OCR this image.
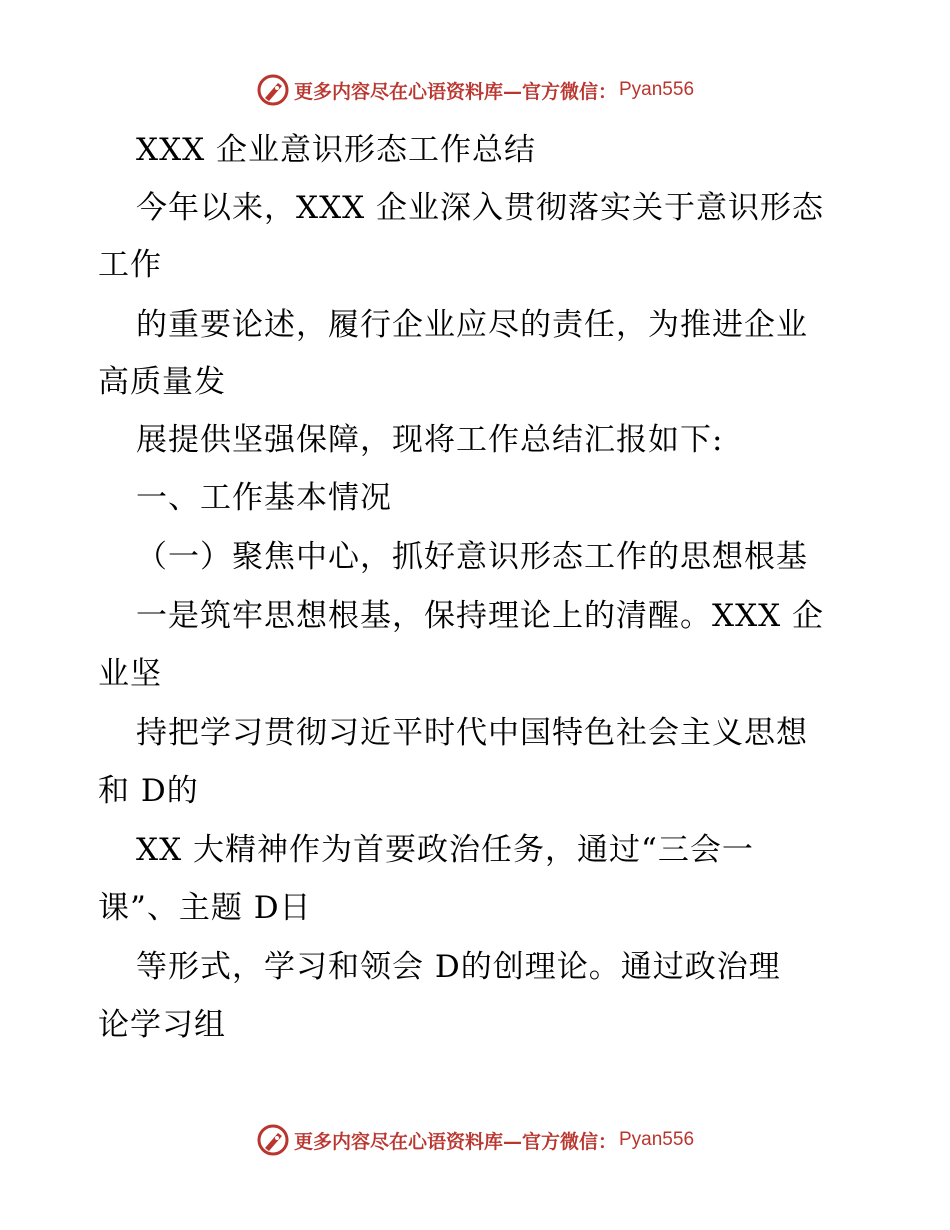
更多内容尽在心语资料库—官方微信： Pyan556
XXX 企业意识形态工作总结
今年以来，XXX 企业深入贯彻落实关于意识形态
工作
的重要论述，履行企业应尽的责任，为推进企业
高质量发
展提供坚强保障，现将工作总结汇报如下:
一、工作基本情况
（一）聚焦中心，抓好意识形态工作的思想根基
一是筑牢思想根基，保持理论上的清醒。XXX 企
业坚
持把学习贯彻习近平时代中国特色社会主义思想
和 D的
XX 大精神作为首要政治任务，通过“三会一
课”、主题 D日
等形式，学习和领会 D的创理论。通过政治理
论学习组
更多内容尽在心语资料库—官方微信： Pyan556
